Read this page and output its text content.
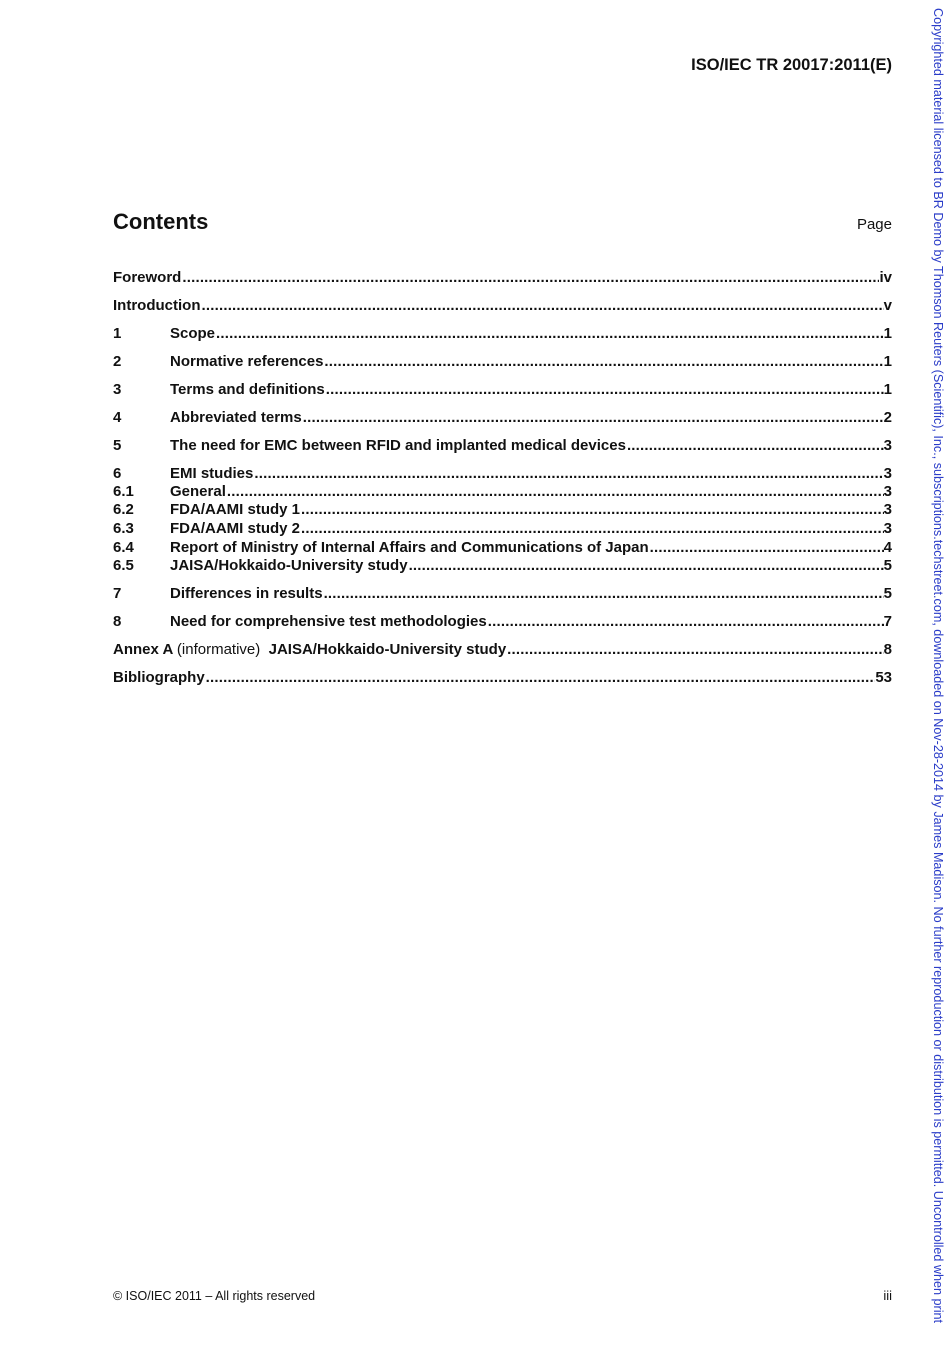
ISO/IEC TR 20017:2011(E)
Contents	Page
Foreword .....	iv
Introduction .....	v
1	Scope .....	1
2	Normative references .....	1
3	Terms and definitions .....	1
4	Abbreviated terms .....	2
5	The need for EMC between RFID and implanted medical devices .....	3
6	EMI studies .....	3
6.1	General .....	3
6.2	FDA/AAMI study 1 .....	3
6.3	FDA/AAMI study 2 .....	3
6.4	Report of Ministry of Internal Affairs and Communications of Japan .....	4
6.5	JAISA/Hokkaido-University study .....	5
7	Differences in results .....	5
8	Need for comprehensive test methodologies .....	7
Annex A (informative) JAISA/Hokkaido-University study .....	8
Bibliography .....	53
© ISO/IEC 2011 – All rights reserved	iii	Copyrighted material licensed to BR Demo by Thomson Reuters (Scientific), Inc., subscriptions.techstreet.com, downloaded on Nov-28-2014 by James Madison. No further reproduction or distribution is permitted. Uncontrolled when print
